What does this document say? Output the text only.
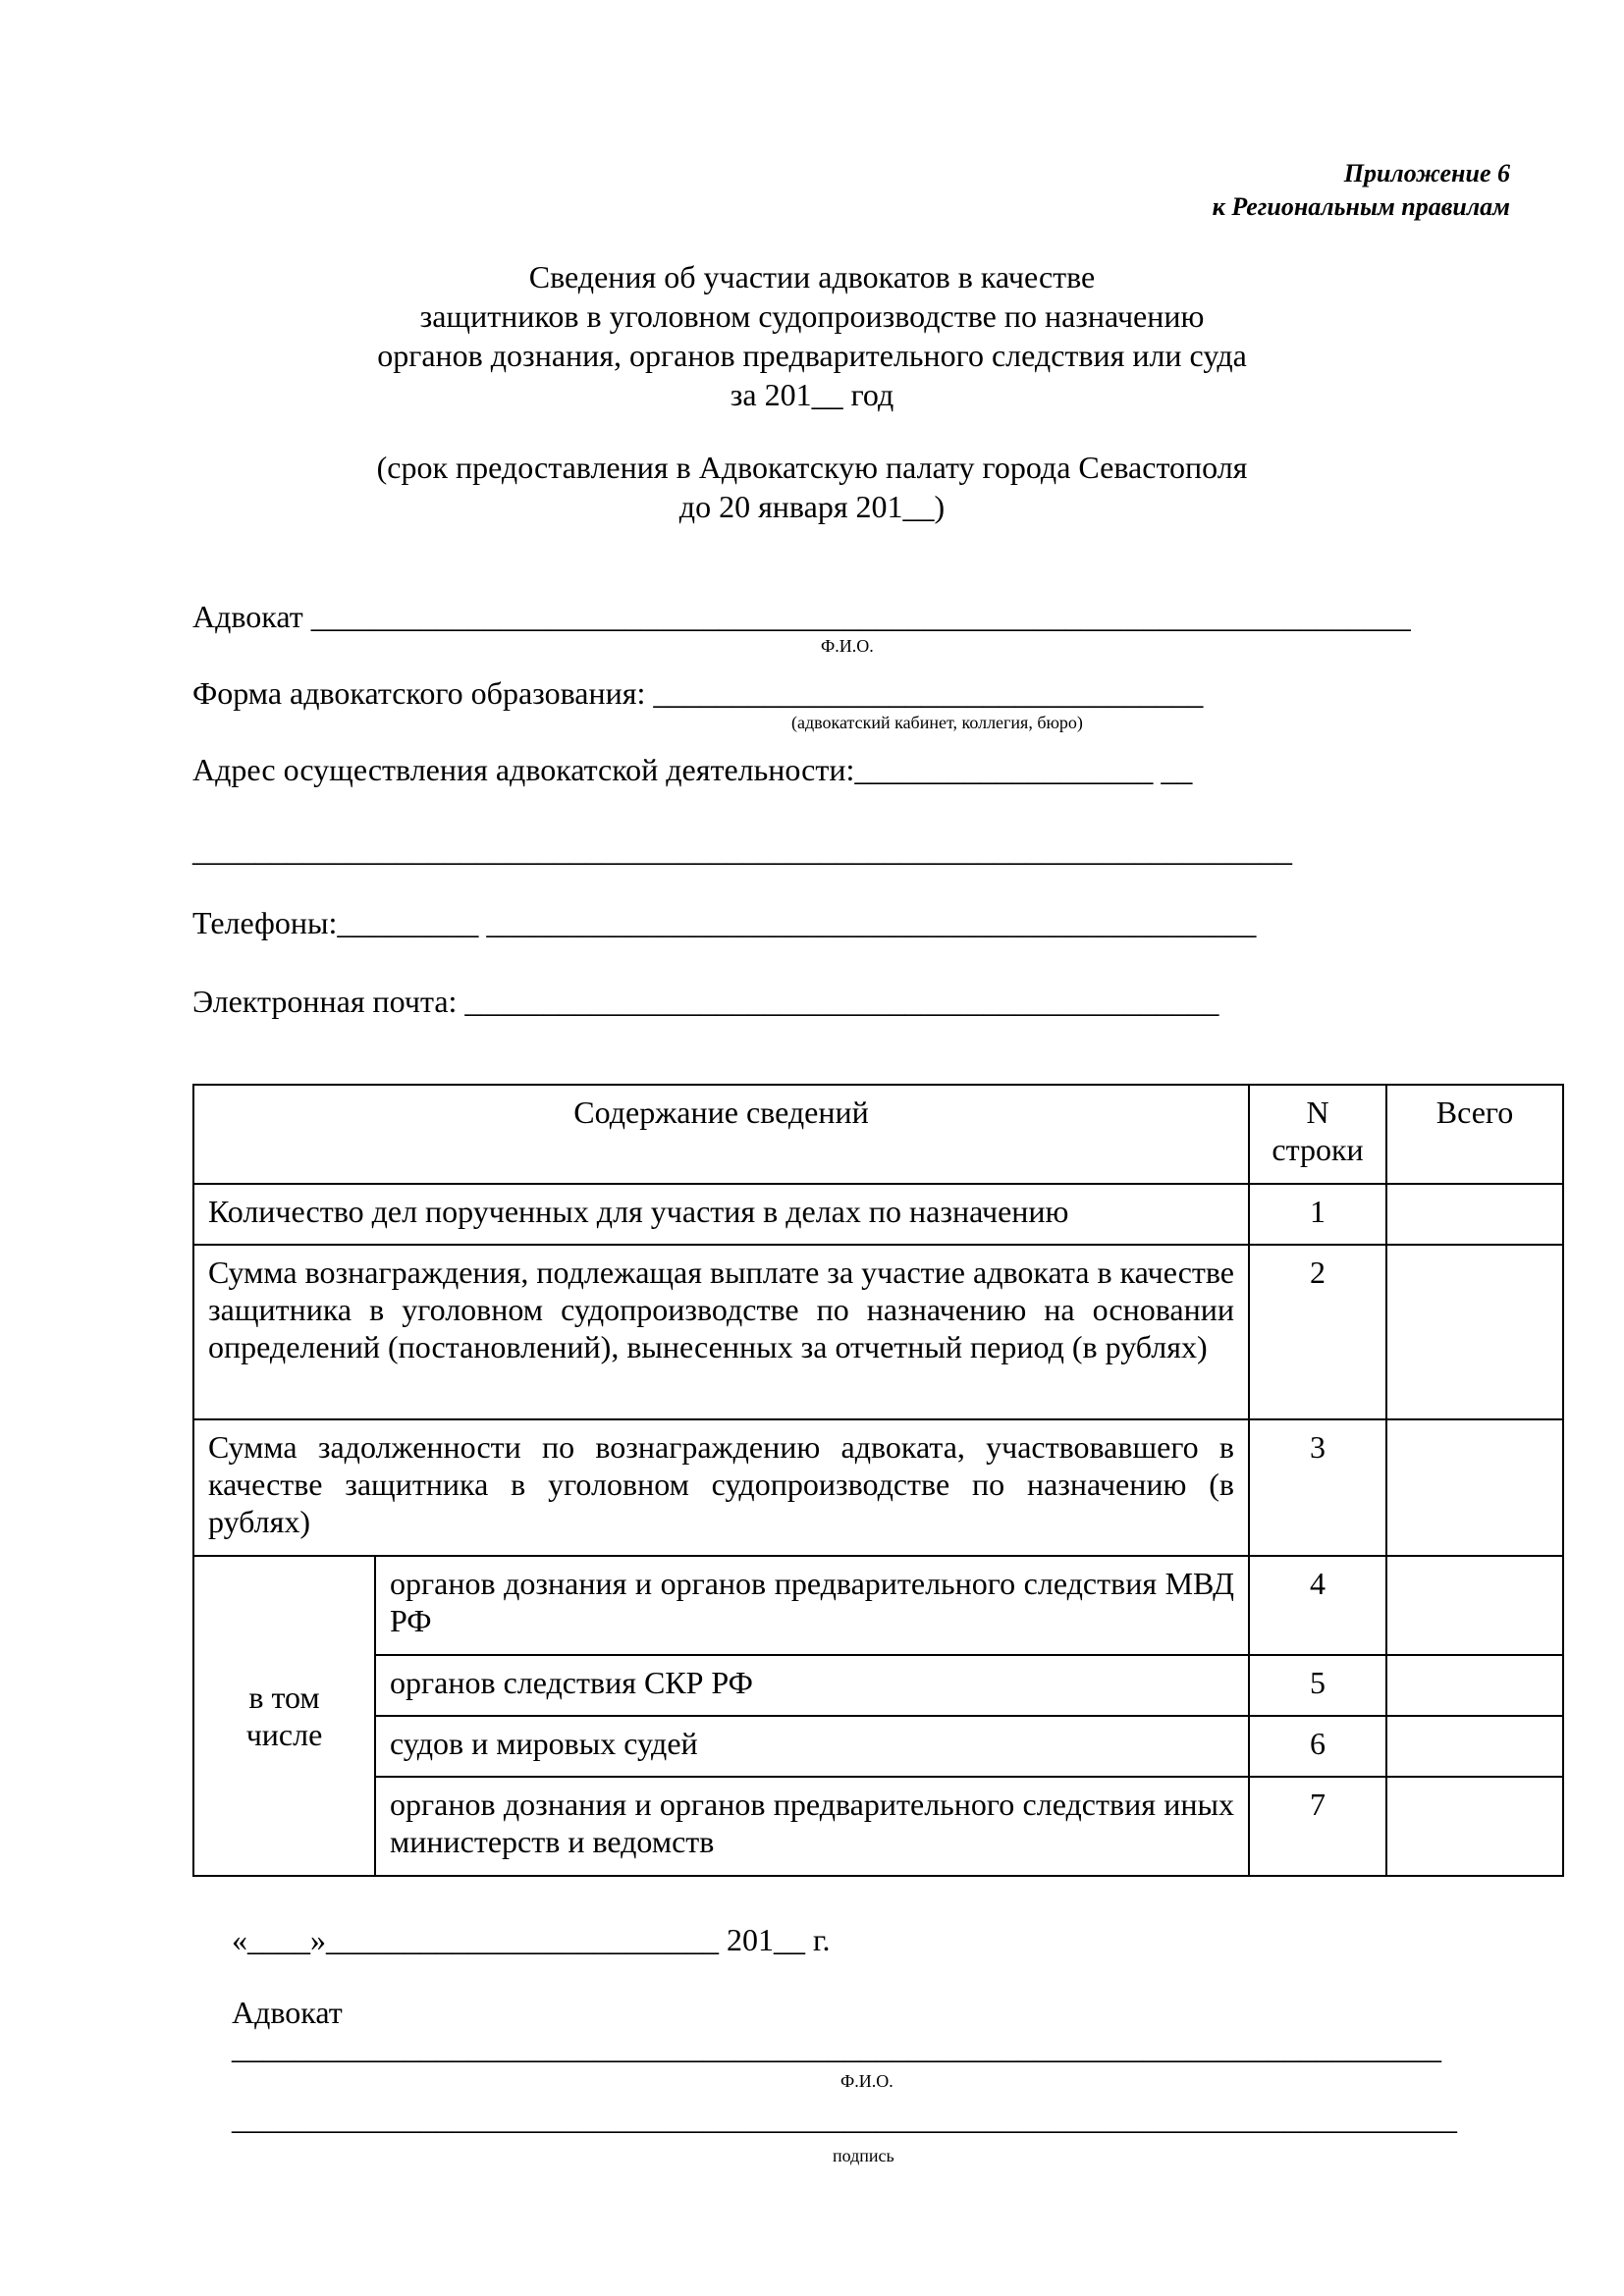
Приложение 6
к Региональным правилам
Сведения об участии адвокатов в качестве
защитников в уголовном судопроизводстве по назначению
органов дознания, органов предварительного следствия или суда
за 201__ год
(срок предоставления в Адвокатскую палату города Севастополя
до 20 января 201__)
Адвокат ______________________________________________________________________
Ф.И.О.
Форма адвокатского образования: ___________________________________
(адвокатский кабинет, коллегия, бюро)
Адрес осуществления адвокатской деятельности:___________________ __
______________________________________________________________________
Телефоны:_________ _________________________________________________
Электронная почта: ________________________________________________
Содержание сведений		N строки	Всего
Количество дел порученных для участия в делах по назначению		1	
Сумма вознаграждения, подлежащая выплате за участие адвоката в качестве защитника в уголовном судопроизводстве по назначению на основании определений (постановлений), вынесенных за отчетный период (в рублях)		2	
Сумма задолженности по вознаграждению адвоката, участвовавшего в качестве защитника в уголовном судопроизводстве по назначению (в рублях)		3	
в том числе	органов дознания и органов предварительного следствия МВД РФ	4	
	органов следствия СКР РФ	5	
	судов и мировых судей	6	
	органов дознания и органов предварительного следствия иных министерств и ведомств	7	
«____»_________________________ 201__ г.
Адвокат
_____________________________________________________________________________
Ф.И.О.
______________________________________________________________________________
подпись
